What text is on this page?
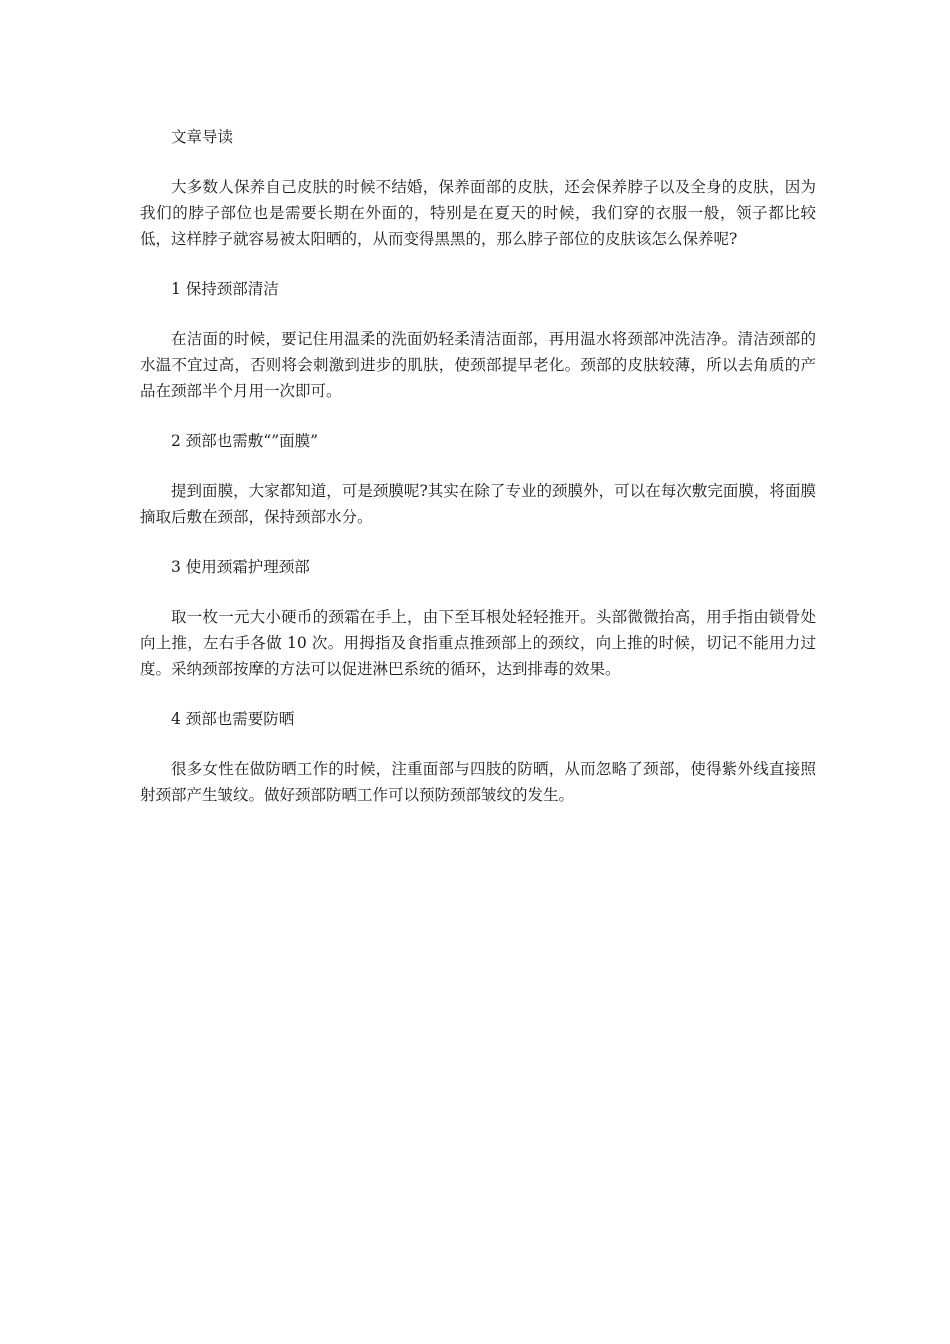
文章导读

大多数人保养自己皮肤的时候不结婚，保养面部的皮肤，还会保养脖子以及全身的皮肤，因为我们的脖子部位也是需要长期在外面的，特别是在夏天的时候，我们穿的衣服一般，领子都比较低，这样脖子就容易被太阳晒的，从而变得黑黑的，那么脖子部位的皮肤该怎么保养呢?

1 保持颈部清洁

在洁面的时候，要记住用温柔的洗面奶轻柔清洁面部，再用温水将颈部冲洗洁净。清洁颈部的水温不宜过高，否则将会刺激到进步的肌肤，使颈部提早老化。颈部的皮肤较薄，所以去角质的产品在颈部半个月用一次即可。

2 颈部也需敷“”面膜”

提到面膜，大家都知道，可是颈膜呢?其实在除了专业的颈膜外，可以在每次敷完面膜，将面膜摘取后敷在颈部，保持颈部水分。

3 使用颈霜护理颈部

取一枚一元大小硬币的颈霜在手上，由下至耳根处轻轻推开。头部微微抬高，用手指由锁骨处向上推，左右手各做 10 次。用拇指及食指重点推颈部上的颈纹，向上推的时候，切记不能用力过度。采纳颈部按摩的方法可以促进淋巴系统的循环，达到排毒的效果。

4 颈部也需要防晒

很多女性在做防晒工作的时候，注重面部与四肢的防晒，从而忽略了颈部，使得紫外线直接照射颈部产生皱纹。做好颈部防晒工作可以预防颈部皱纹的发生。
